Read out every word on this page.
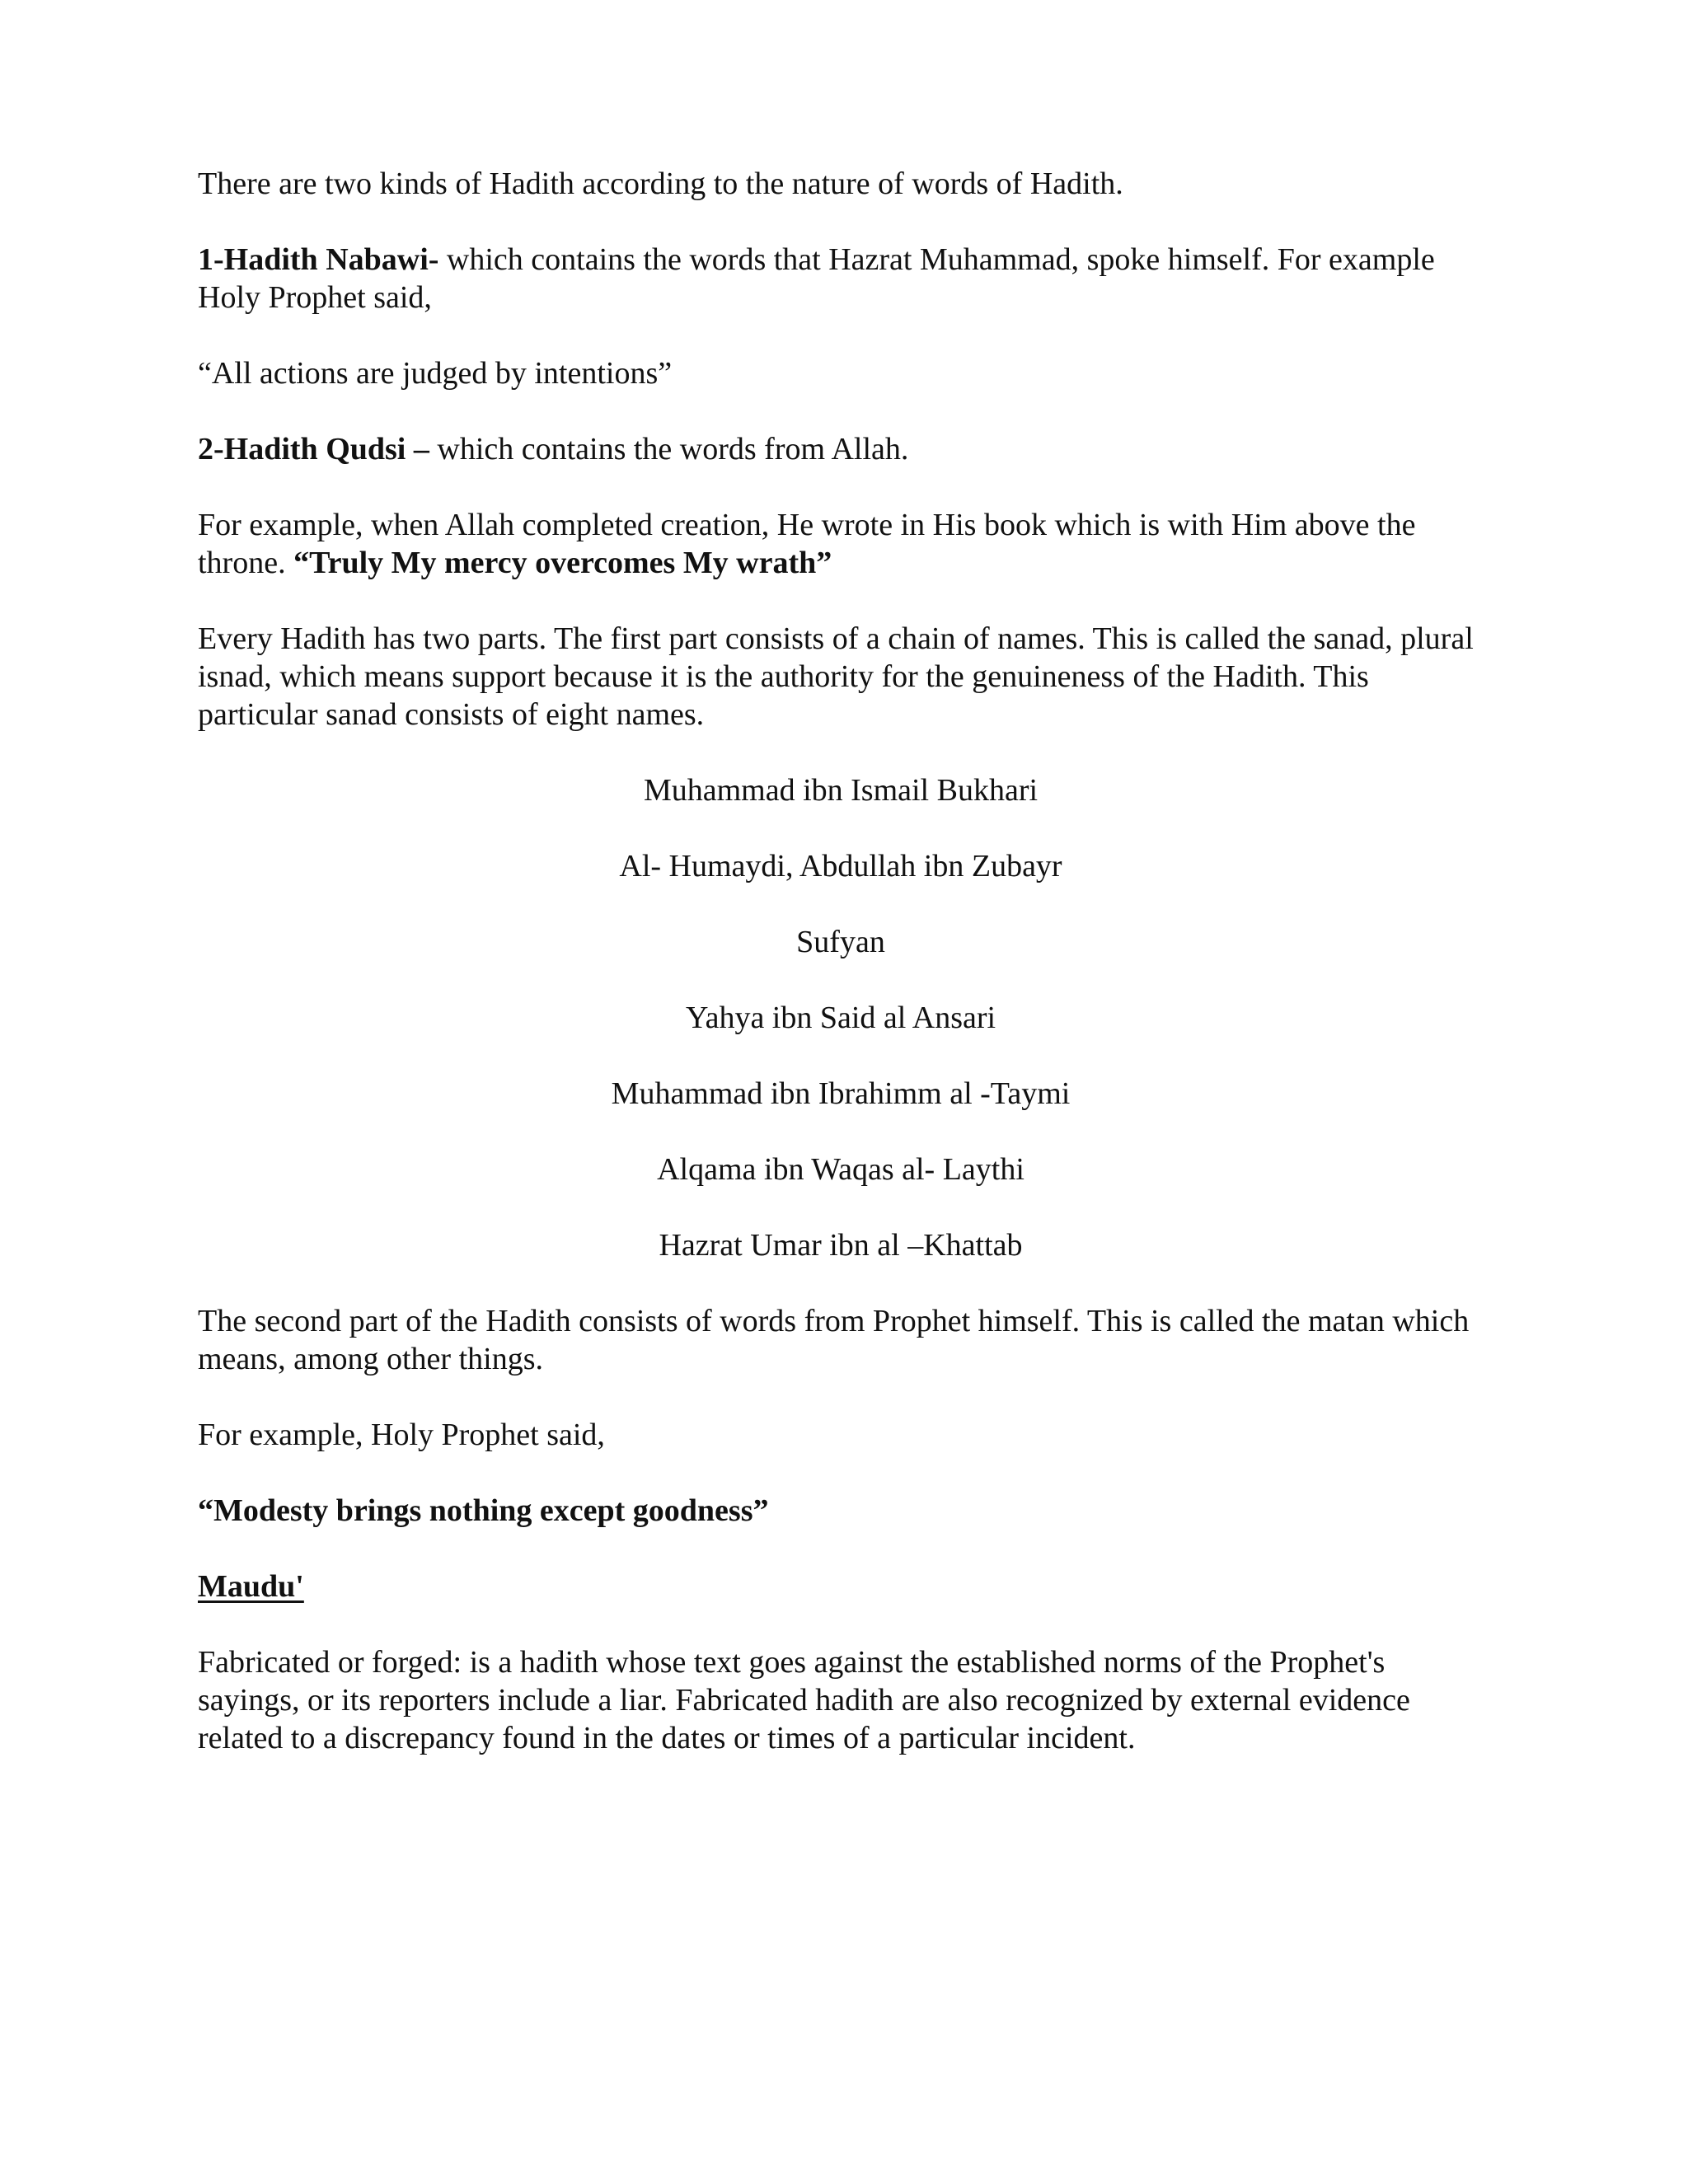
There are two kinds of Hadith according to the nature of words of Hadith.

1-Hadith Nabawi- which contains the words that Hazrat Muhammad, spoke himself. For example Holy Prophet said,

“All actions are judged by intentions”

2-Hadith Qudsi – which contains the words from Allah.

For example, when Allah completed creation, He wrote in His book which is with Him above the throne. “Truly My mercy overcomes My wrath”

Every Hadith has two parts. The first part consists of a chain of names. This is called the sanad, plural isnad, which means support because it is the authority for the genuineness of the Hadith. This particular sanad consists of eight names.

Muhammad ibn Ismail Bukhari
Al- Humaydi, Abdullah ibn Zubayr
Sufyan
Yahya ibn Said al Ansari
Muhammad ibn Ibrahimm al -Taymi
Alqama ibn Waqas al- Laythi
Hazrat Umar ibn al –Khattab

The second part of the Hadith consists of words from Prophet himself. This is called the matan which means, among other things.

For example, Holy Prophet said,

“Modesty brings nothing except goodness”

Maudu'

Fabricated or forged: is a hadith whose text goes against the established norms of the Prophet's sayings, or its reporters include a liar. Fabricated hadith are also recognized by external evidence related to a discrepancy found in the dates or times of a particular incident.
